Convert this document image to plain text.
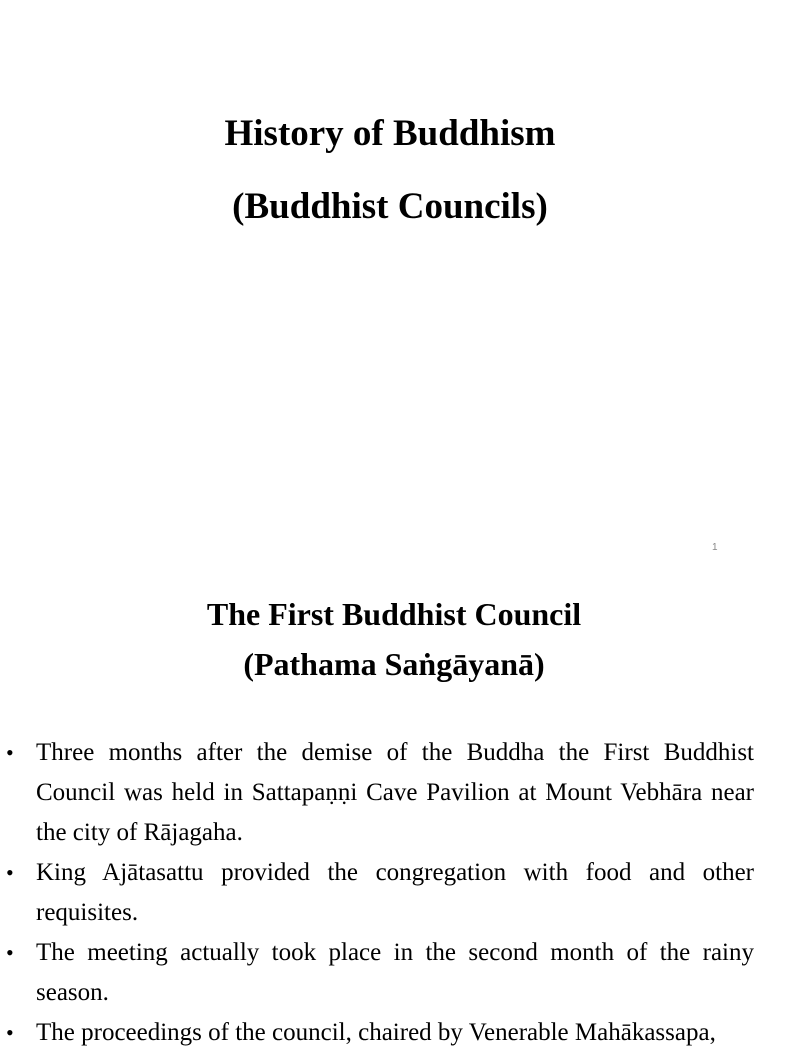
History of Buddhism
(Buddhist Councils)
1
The First Buddhist Council
(Pathama Saṅgāyanā)
• Three months after the demise of the Buddha the First Buddhist Council was held in Sattapaṇṇi Cave Pavilion at Mount Vebhāra near the city of Rājagaha.
• King Ajātasattu provided the congregation with food and other requisites.
• The meeting actually took place in the second month of the rainy season.
• The proceedings of the council, chaired by Venerable Mahākassapa,
